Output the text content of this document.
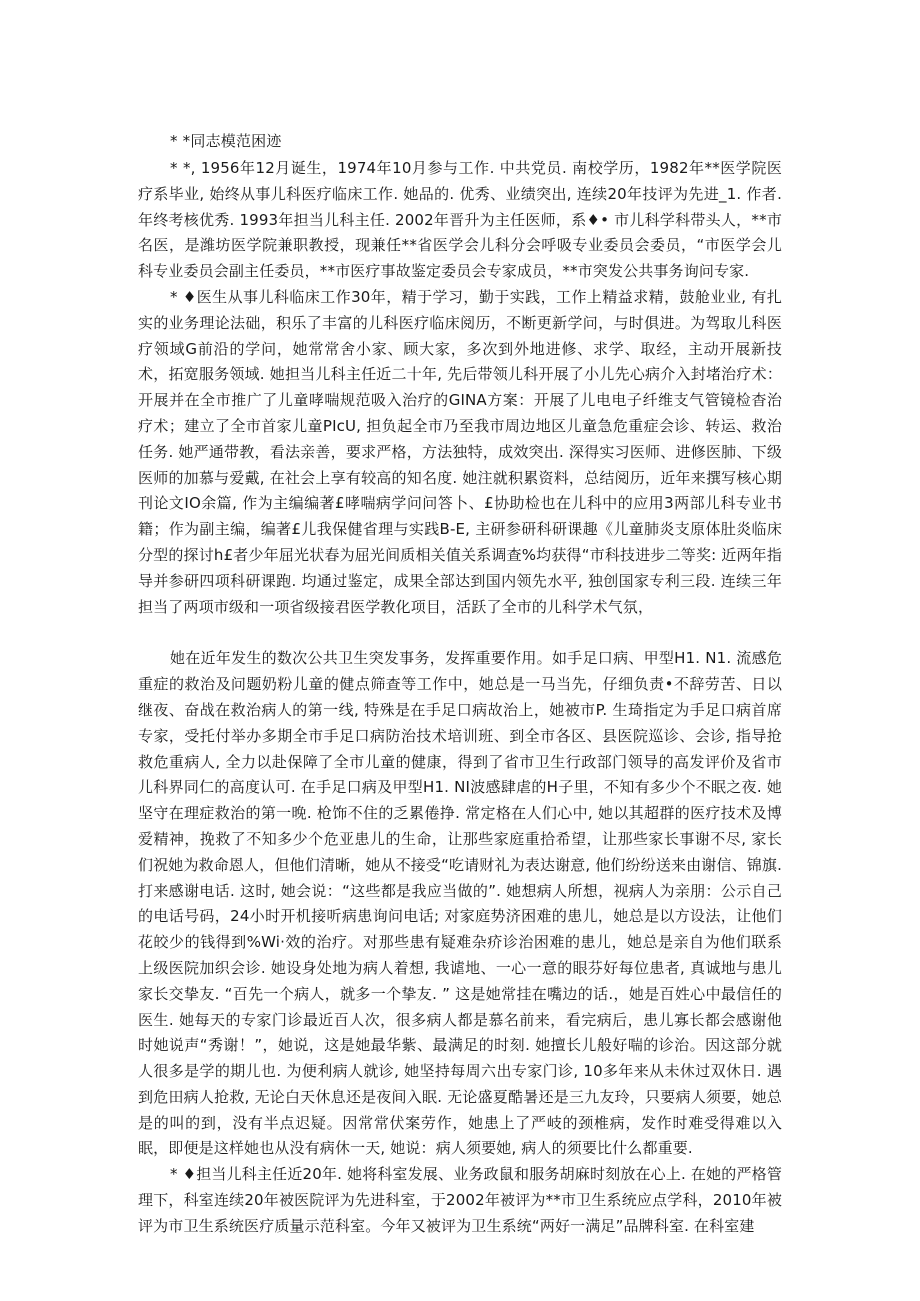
* *同志模范困迹

* *, 1956年12月诞生，1974年10月参与工作. 中共党员. 南校学历，1982年**医学院医疗系毕业, 始终从事儿科医疗临床工作. 她品的. 优秀、业绩突出, 连续20年技评为先进_1. 作者. 年终考核优秀. 1993年担当儿科主任. 2002年晋升为主任医师，系♦• 市儿科学科带头人，**市名医，是潍坊医学院兼职教授，现兼任**省医学会儿科分会呼吸专业委员会委员，“市医学会儿科专业委员会副主任委员，**市医疗事故鉴定委员会专家成员，**市突发公共事务询问专家.

* ♦医生从事儿科临床工作30年，精于学习，勤于实践，工作上精益求精，鼓舱业业, 有扎实的业务理论法础，积乐了丰富的儿科医疗临床阅历，不断更新学问，与时俱进。为驾取儿科医疗领域G前沿的学问，她常常舍小家、顾大家，多次到外地进修、求学、取经，主动开展新技术，拓宽服务领域. 她担当儿科主任近二十年, 先后带领儿科开展了小儿先心病介入封堵治疗术：开展并在全市推广了儿童哮喘规范吸入治疗的GINA方案：开展了儿电电子纤维支气管镜检杳治疗术；建立了全市首家儿童PIcU, 担负起全市乃至我市周边地区儿童急危重症会诊、转运、救治任务. 她严通带教，看法亲善，要求严格，方法独特，成效突出. 深得实习医师、进修医肺、下级医师的加慕与爱戴, 在社会上享有较高的知名度. 她注就积累资料，总结阅历，近年来撰写核心期刊论文IO余篇, 作为主编编著£哮喘病学问问答卜、£协助检也在儿科中的应用3两部儿科专业书籍；作为副主编，编著£儿我保健省理与实践B-E, 主研参研科研课趣《儿童肺炎支原体肚炎临床分型的探讨h£者少年屈光状春为屈光间质相关值关系调查%均获得“市科技进步二等奖: 近两年指导并参研四项科研课跑. 均通过鉴定，成果全部达到国内领先水平, 独创国家专利三段. 连续三年担当了两项市级和一项省级接君医学教化项目，活跃了全市的儿科学术气氛，

她在近年发生的数次公共卫生突发事务，发挥重要作用。如手足口病、甲型H1. N1. 流感危重症的救治及问题奶粉儿童的健点筛查等工作中，她总是一马当先，仔细负责•不辞劳苦、日以继夜、奋战在救治病人的第一线, 特殊是在手足口病故治上，她被市P. 生琦指定为手足口病首席专家，受托付举办多期全市手足口病防治技术培训班、到全市各区、县医院巡诊、会诊, 指导抢救危重病人, 全力以赴保障了全市儿童的健康，得到了省市卫生行政部门领导的高发评价及省市儿科界同仁的高度认可. 在手足口病及甲型H1. NI波感肆虐的H子里，不知有多少个不眠之夜. 她坚守在理症救治的第一晚. 枪饰不住的乏累倦挣. 常定格在人们心中, 她以其超群的医疗技术及博爱精神，挽救了不知多少个危亚患儿的生命，让那些家庭重拾希望，让那些家长事谢不尽, 家长们祝她为救命恩人，但他们清晰，她从不接受“吃请财礼为表达谢意, 他们纷纷送来由谢信、锦旗. 打来感谢电话. 这时, 她会说：“这些都是我应当做的”. 她想病人所想，视病人为亲朋：公示自己的电话号码，24小时开机接听病患询问电话; 对家庭势济困难的患儿，她总是以方设法，让他们花皎少的钱得到%Wi·效的治疗。对那些患有疑难杂疥诊治困难的患儿，她总是亲自为他们联系上级医院加织会诊. 她设身处地为病人着想, 我谑地、一心一意的眼芬好每位患者, 真诚地与患儿家长交挚友. “百先一个病人，就多一个挚友. ” 这是她常挂在嘴边的话.，她是百姓心中最信任的医生. 她每天的专家门诊最近百人次，很多病人都是慕名前来，看完病后，患儿寡长都会感谢他时她说声“秀谢！”，她说，这是她最华紫、最满足的时刻. 她擅长儿般好喘的诊治。因这部分就人很多是学的期儿也. 为便利病人就诊, 她坚持每周六出专家门诊, 10多年来从未休过双休日. 遇到危田病人抢救, 无论白天休息还是夜间入眠. 无论盛夏酷暑还是三九友玲，只要病人须要，她总是的叫的到，没有半点迟疑。因常常伏案劳作，她患上了严岐的颈椎病，发作时难受得难以入眠，即便是这样她也从没有病休一天, 她说：病人须要她, 病人的须要比什么都重要.

* ♦担当儿科主任近20年. 她将科室发展、业务政鼠和服务胡麻时刻放在心上. 在她的严格管理下，科室连续20年被医院评为先进科室，于2002年被评为**市卫生系统应点学科，2010年被评为市卫生系统医疗质量示范科室。今年又被评为卫生系统“两好一满足”品牌科室. 在科室建
